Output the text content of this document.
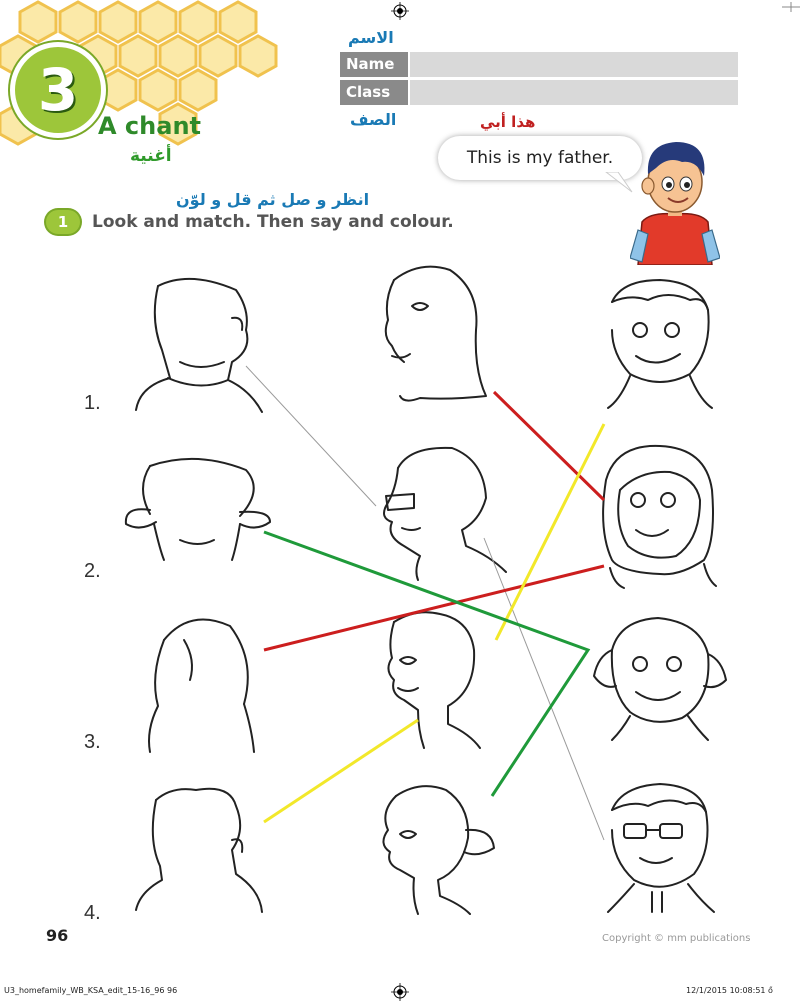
3
A chant
أغنية
الاسم
Name
Class
الصف	هذا أبي
This is my father.
انظر و صل ثم قل و لوّن
1	Look and match. Then say and colour.
1.
2.
3.
4.
96	Copyright © mm publications
U3_homefamily_WB_KSA_edit_15-16_96 96	12/1/2015 10:08:51 ő
